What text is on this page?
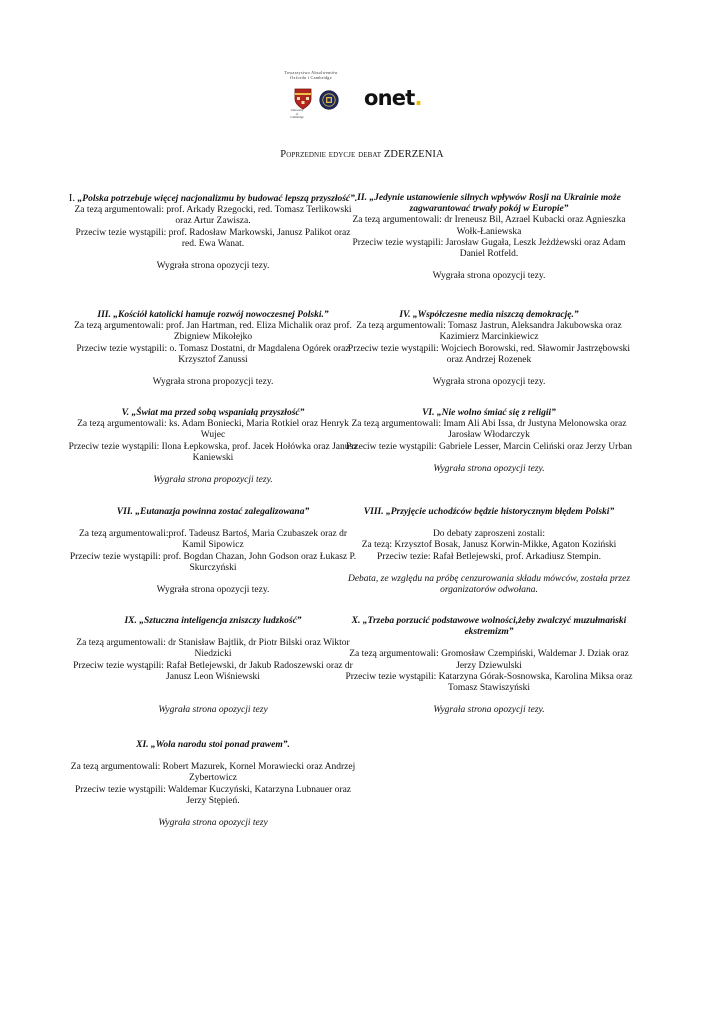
Towarzystwo Absolwentów
Oxfordu i Cambridge
University of Cambridge
onet.
Poprzednie edycje debat ZDERZENIA

I. „Polska potrzebuje więcej nacjonalizmu by budować lepszą przyszłość”.

Za tezą argumentowali: prof. Arkady Rzegocki, red. Tomasz Terlikowski oraz Artur Zawisza.

Przeciw tezie wystąpili: prof. Radosław Markowski, Janusz Palikot oraz red. Ewa Wanat.

Wygrała strona opozycji tezy.

II. „Jedynie ustanowienie silnych wpływów Rosji na Ukrainie może zagwarantować trwały pokój w Europie”

Za tezą argumentowali: dr Ireneusz Bil, Azrael Kubacki oraz Agnieszka Wołk-Łaniewska

Przeciw tezie wystąpili: Jarosław Gugała, Leszk Jeżdżewski oraz Adam Daniel Rotfeld.

Wygrała strona opozycji tezy.

III. „Kościół katolicki hamuje rozwój nowoczesnej Polski.”

Za tezą argumentowali: prof. Jan Hartman, red. Eliza Michalik oraz prof. Zbigniew Mikołejko

Przeciw tezie wystąpili: o. Tomasz Dostatni, dr Magdalena Ogórek oraz Krzysztof Zanussi

Wygrała strona propozycji tezy.

IV. „Współczesne media niszczą demokrację.”

Za tezą argumentowali: Tomasz Jastrun, Aleksandra Jakubowska oraz Kazimierz Marcinkiewicz

Przeciw tezie wystąpili: Wojciech Borowski, red. Sławomir Jastrzębowski oraz Andrzej Rozenek

Wygrała strona opozycji tezy.

V. „Świat ma przed sobą wspaniałą przyszłość”

Za tezą argumentowali: ks. Adam Boniecki, Maria Rotkiel oraz Henryk Wujec

Przeciw tezie wystąpili: Ilona Łepkowska, prof. Jacek Hołówka oraz Janusz Kaniewski

Wygrała strona propozycji tezy.

VI. „Nie wolno śmiać się z religii”

Za tezą argumentowali: Imam Ali Abi Issa, dr Justyna Melonowska oraz Jarosław Włodarczyk

Przeciw tezie wystąpili: Gabriele Lesser, Marcin Celiński oraz Jerzy Urban

Wygrała strona opozycji tezy.

VII. „Eutanazja powinna zostać zalegalizowana”

Za tezą argumentowali:prof. Tadeusz Bartoś, Maria Czubaszek oraz dr Kamil Sipowicz

Przeciw tezie wystąpili: prof. Bogdan Chazan, John Godson oraz Łukasz P. Skurczyński

Wygrała strona opozycji tezy.

VIII. „Przyjęcie uchodźców będzie historycznym błędem Polski”

Do debaty zaproszeni zostali:

Za tezą: Krzysztof Bosak, Janusz Korwin-Mikke, Agaton Koziński

Przeciw tezie: Rafał Betlejewski, prof. Arkadiusz Stempin.

Debata, ze względu na próbę cenzurowania składu mówców, została przez organizatorów odwołana.

IX. „Sztuczna inteligencja zniszczy ludzkość”

Za tezą argumentowali: dr Stanisław Bajtlik, dr Piotr Bilski oraz Wiktor Niedzicki

Przeciw tezie wystąpili: Rafał Betlejewski, dr Jakub Radoszewski oraz dr Janusz Leon Wiśniewski

Wygrała strona opozycji tezy

X. „Trzeba porzucić podstawowe wolności,żeby zwalczyć muzułmański ekstremizm”

Za tezą argumentowali: Gromosław Czempiński, Waldemar J. Dziak oraz Jerzy Dziewulski

Przeciw tezie wystąpili: Katarzyna Górak-Sosnowska, Karolina Miksa oraz Tomasz Stawiszyński

Wygrała strona opozycji tezy.

XI. „Wola narodu stoi ponad prawem”.

Za tezą argumentowali: Robert Mazurek, Kornel Morawiecki oraz Andrzej Zybertowicz

Przeciw tezie wystąpili: Waldemar Kuczyński, Katarzyna Lubnauer oraz Jerzy Stępień.

Wygrała strona opozycji tezy
